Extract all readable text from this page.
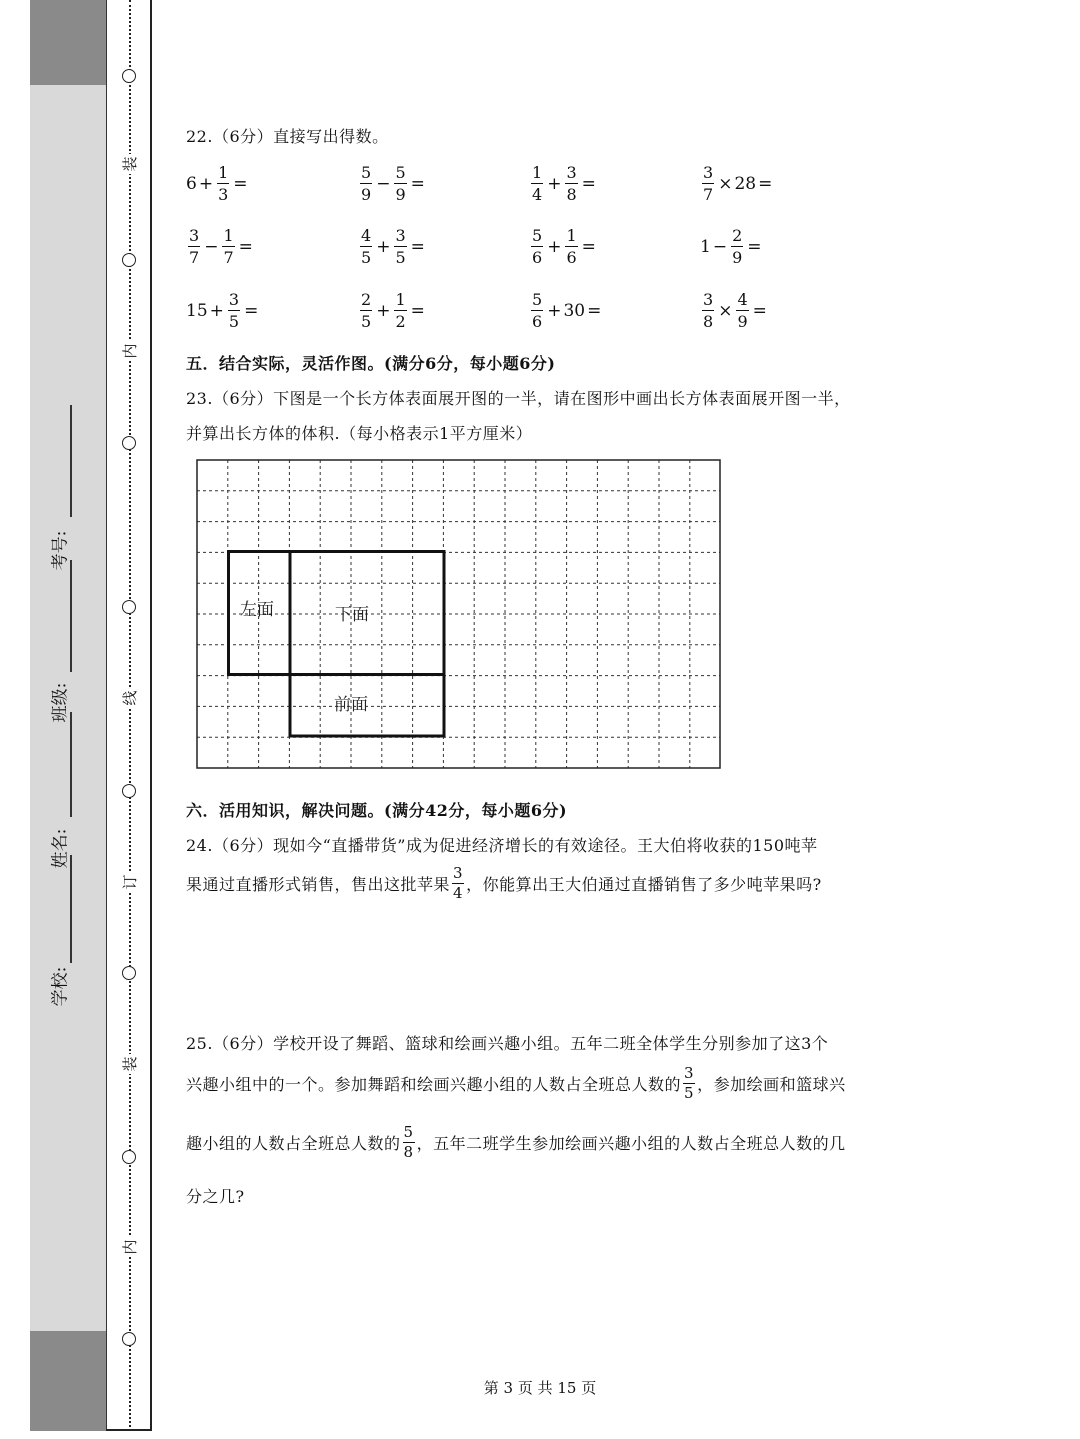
装
内
线
订
装
内
学校:
姓名:
班级:
考号:
22.（6分）直接写出得数。
$6 + \frac{1}{3}$ =	$\frac{5}{9} - \frac{5}{9}$ =	$\frac{1}{4} + \frac{3}{8}$ =	$\frac{3}{7} \times 28$ =
$\frac{3}{7} - \frac{1}{7}$ =	$\frac{4}{5} + \frac{3}{5}$ =	$\frac{5}{6} + \frac{1}{6}$ =	$1 - \frac{2}{9}$ =
$15 + \frac{3}{5}$ =	$\frac{2}{5} + \frac{1}{2}$ =	$\frac{5}{6} + 30$ =	$\frac{3}{8} \times \frac{4}{9}$ =
五．结合实际，灵活作图。(满分6分，每小题6分)
23.（6分）下图是一个长方体表面展开图的一半，请在图形中画出长方体表面展开图一半，
并算出长方体的体积.（每小格表示1平方厘米）
左面	下面
前面
六．活用知识，解决问题。(满分42分，每小题6分)
24.（6分）现如今“直播带货”成为促进经济增长的有效途径。王大伯将收获的150吨苹
果通过直播形式销售，售出这批苹果 $\frac{3}{4}$ ，你能算出王大伯通过直播销售了多少吨苹果吗?
25.（6分）学校开设了舞蹈、篮球和绘画兴趣小组。五年二班全体学生分别参加了这3个
兴趣小组中的一个。参加舞蹈和绘画兴趣小组的人数占全班总人数的 $\frac{3}{5}$ ，参加绘画和篮球兴
趣小组的人数占全班总人数的 $\frac{5}{8}$ ，五年二班学生参加绘画兴趣小组的人数占全班总人数的几
分之几?
第 3 页 共 15 页
